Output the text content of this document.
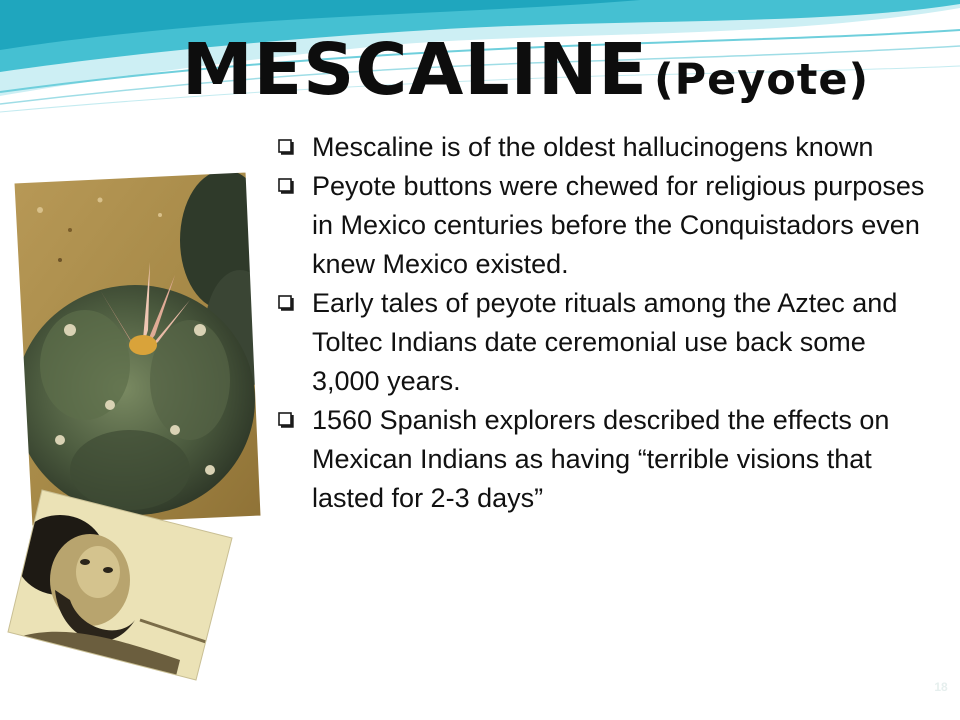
MESCALINE (Peyote)
Mescaline is of the oldest hallucinogens known
Peyote buttons were chewed for religious purposes in Mexico centuries before the Conquistadors even knew Mexico existed.
Early tales of peyote rituals among the Aztec and Toltec Indians date ceremonial use back some 3,000 years.
1560 Spanish explorers described the effects on Mexican Indians as having “terrible visions that lasted for 2-3 days”
18
